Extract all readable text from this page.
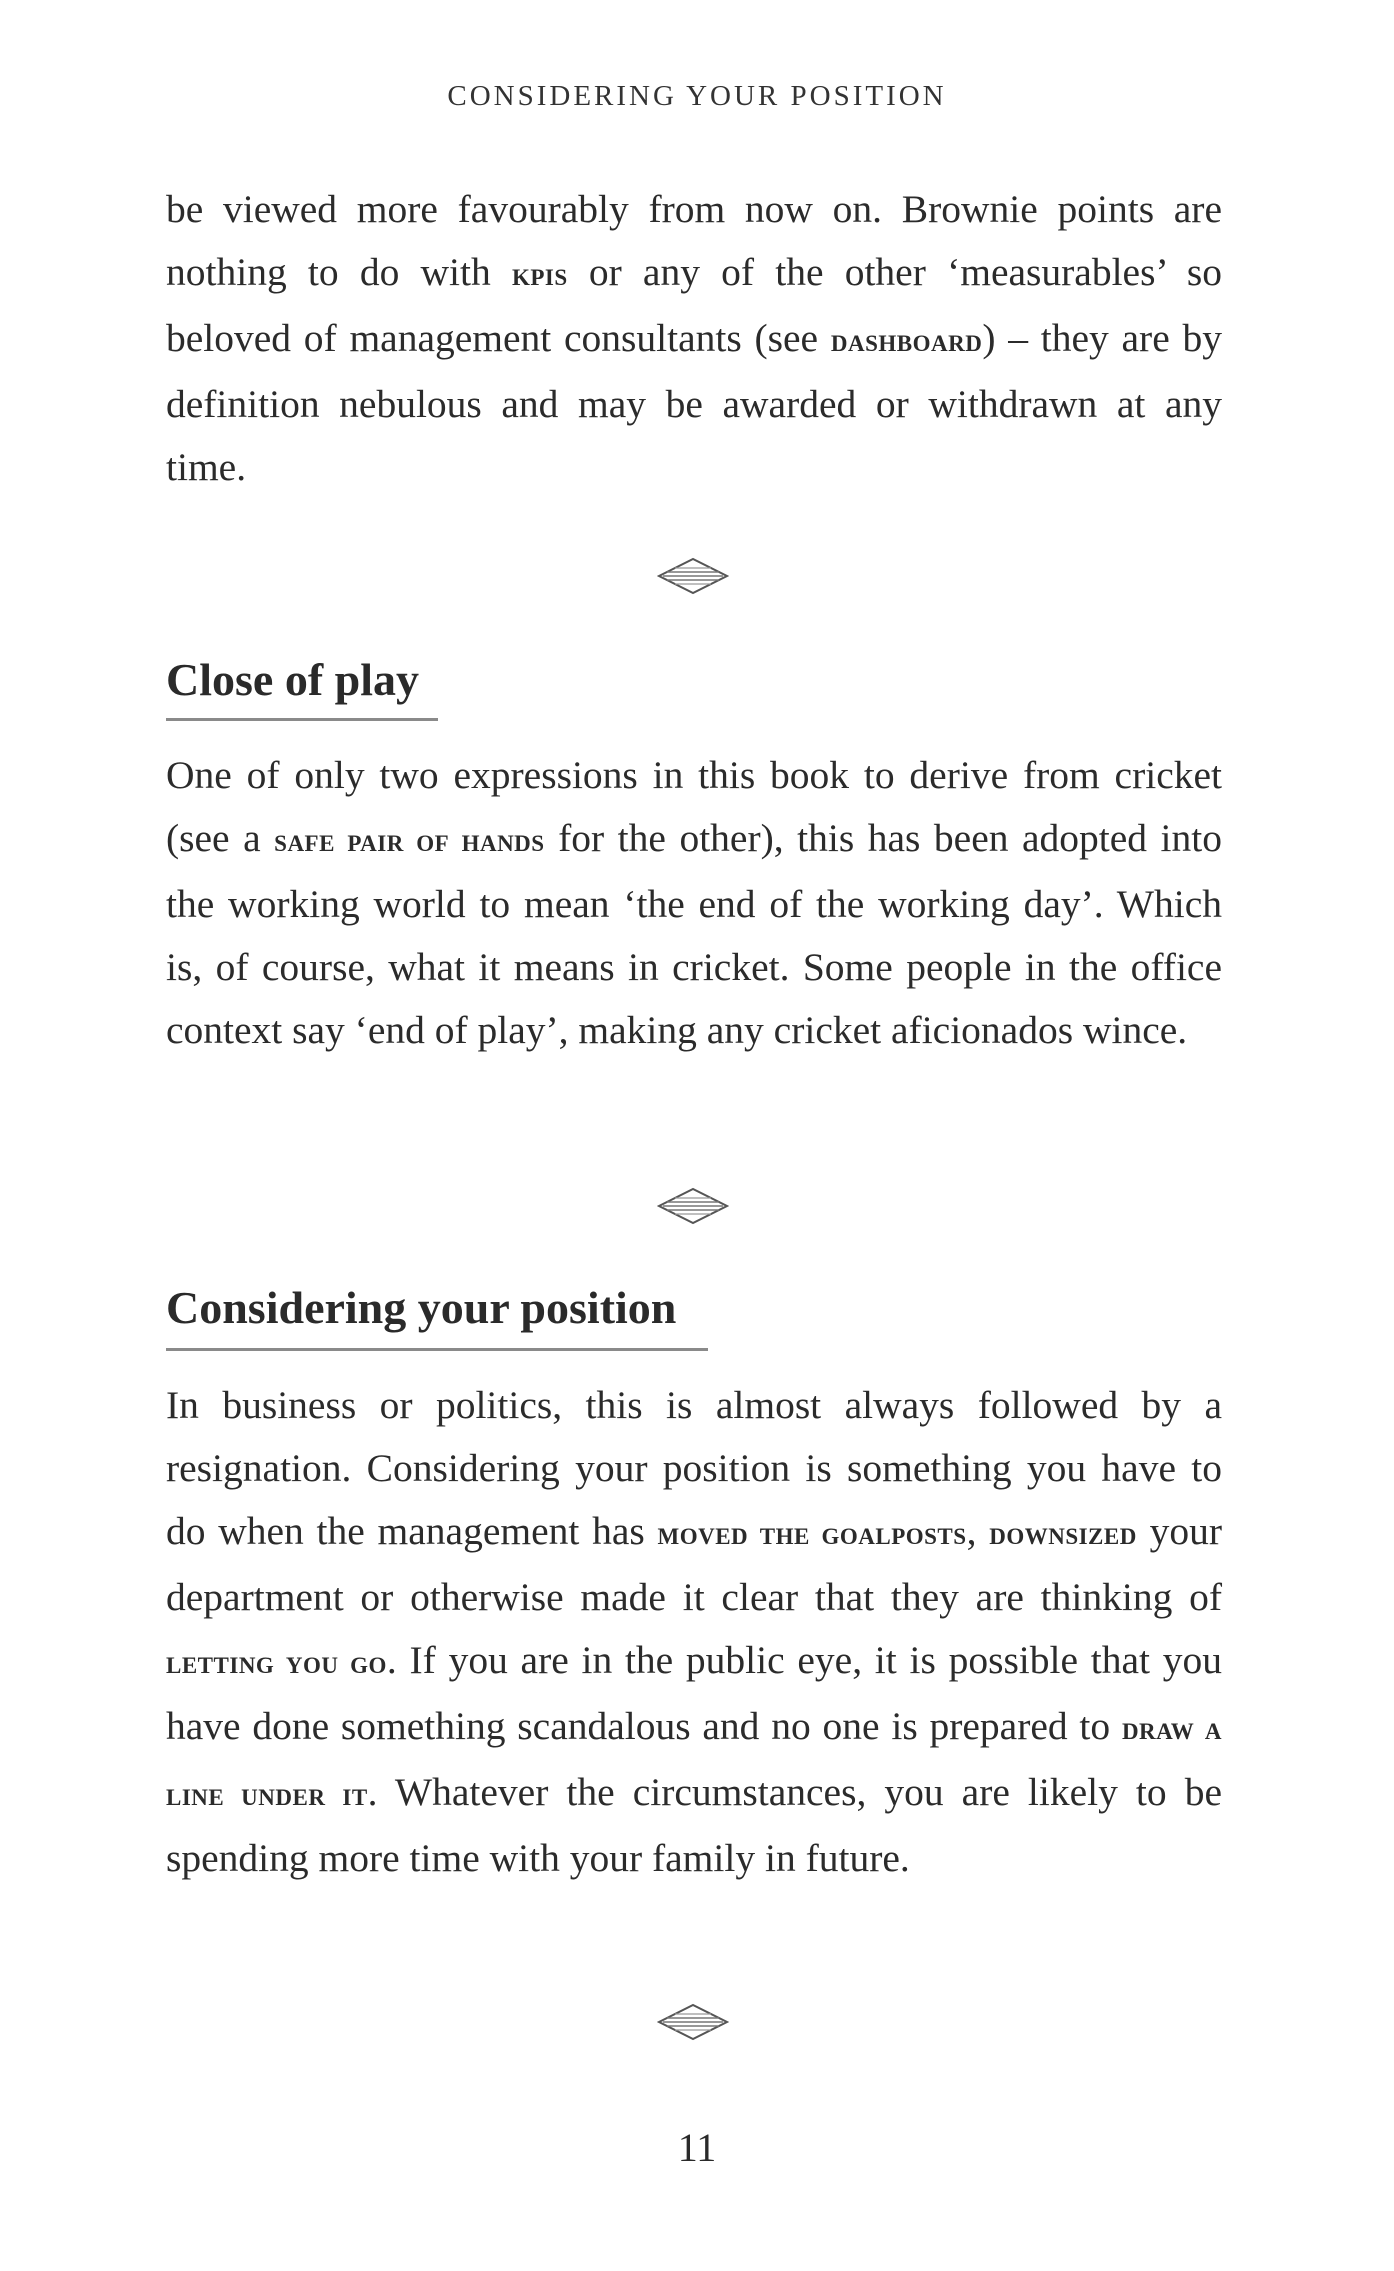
CONSIDERING YOUR POSITION

be viewed more favourably from now on. Brownie points are nothing to do with kpis or any of the other ‘measurables’ so beloved of management consultants (see dashboard) – they are by definition nebulous and may be awarded or withdrawn at any time.

Close of play

One of only two expressions in this book to derive from cricket (see a safe pair of hands for the other), this has been adopted into the working world to mean ‘the end of the working day’. Which is, of course, what it means in cricket. Some people in the office context say ‘end of play’, making any cricket aficionados wince.

Considering your position

In business or politics, this is almost always followed by a resignation. Considering your position is something you have to do when the management has moved the goalposts, downsized your department or otherwise made it clear that they are thinking of letting you go. If you are in the public eye, it is possible that you have done something scandalous and no one is prepared to draw a line under it. Whatever the circumstances, you are likely to be spending more time with your family in future.

11
